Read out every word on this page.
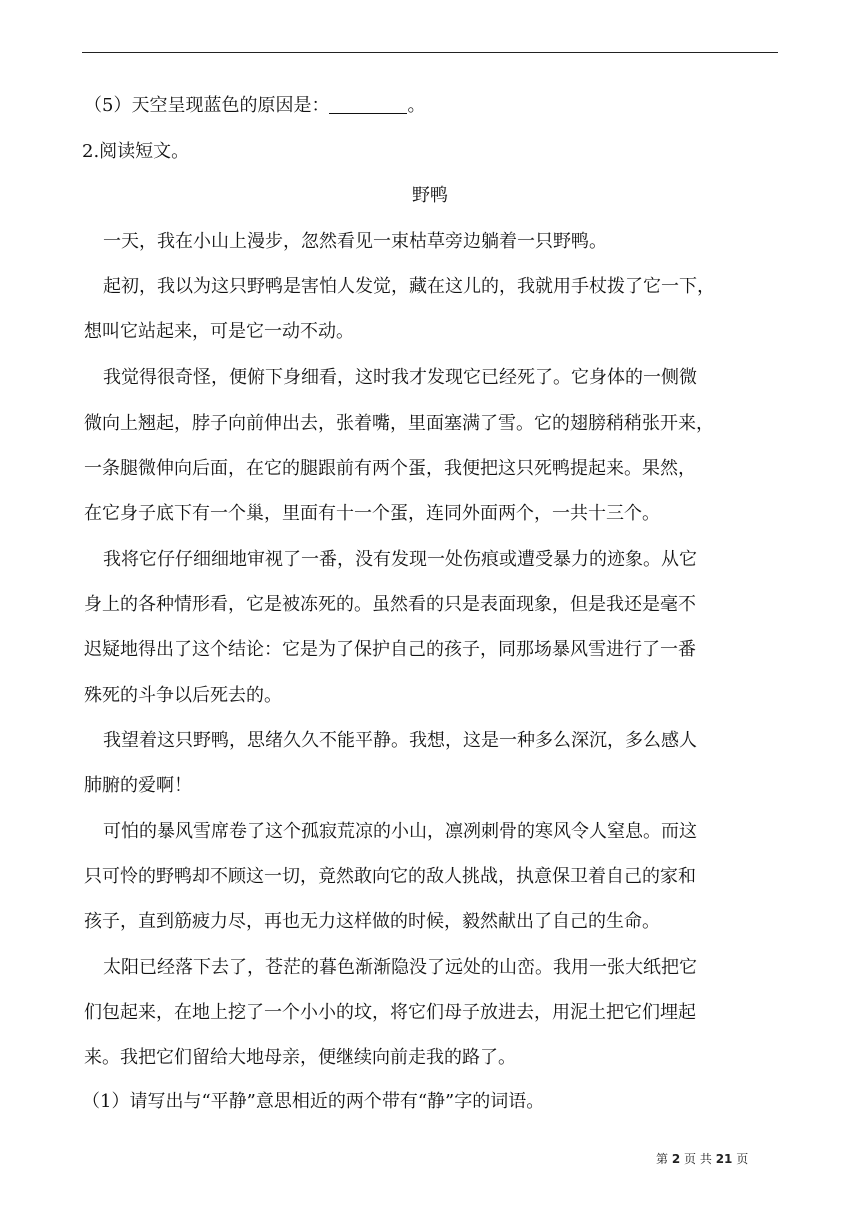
（5）天空呈现蓝色的原因是：	。
2.阅读短文。
野鸭
一天，我在小山上漫步，忽然看见一束枯草旁边躺着一只野鸭。
起初，我以为这只野鸭是害怕人发觉，藏在这儿的，我就用手杖拨了它一下，
想叫它站起来，可是它一动不动。
我觉得很奇怪，便俯下身细看，这时我才发现它已经死了。它身体的一侧微
微向上翘起，脖子向前伸出去，张着嘴，里面塞满了雪。它的翅膀稍稍张开来，
一条腿微伸向后面，在它的腿跟前有两个蛋，我便把这只死鸭提起来。果然，
在它身子底下有一个巢，里面有十一个蛋，连同外面两个，一共十三个。
我将它仔仔细细地审视了一番，没有发现一处伤痕或遭受暴力的迹象。从它
身上的各种情形看，它是被冻死的。虽然看的只是表面现象，但是我还是毫不
迟疑地得出了这个结论：它是为了保护自己的孩子，同那场暴风雪进行了一番
殊死的斗争以后死去的。
我望着这只野鸭，思绪久久不能平静。我想，这是一种多么深沉，多么感人
肺腑的爱啊！
可怕的暴风雪席卷了这个孤寂荒凉的小山，凛冽刺骨的寒风令人窒息。而这
只可怜的野鸭却不顾这一切，竟然敢向它的敌人挑战，执意保卫着自己的家和
孩子，直到筋疲力尽，再也无力这样做的时候，毅然献出了自己的生命。
太阳已经落下去了，苍茫的暮色渐渐隐没了远处的山峦。我用一张大纸把它
们包起来，在地上挖了一个小小的坟，将它们母子放进去，用泥土把它们埋起
来。我把它们留给大地母亲，便继续向前走我的路了。
（1）请写出与“平静”意思相近的两个带有“静”字的词语。
第 2 页 共 21 页
